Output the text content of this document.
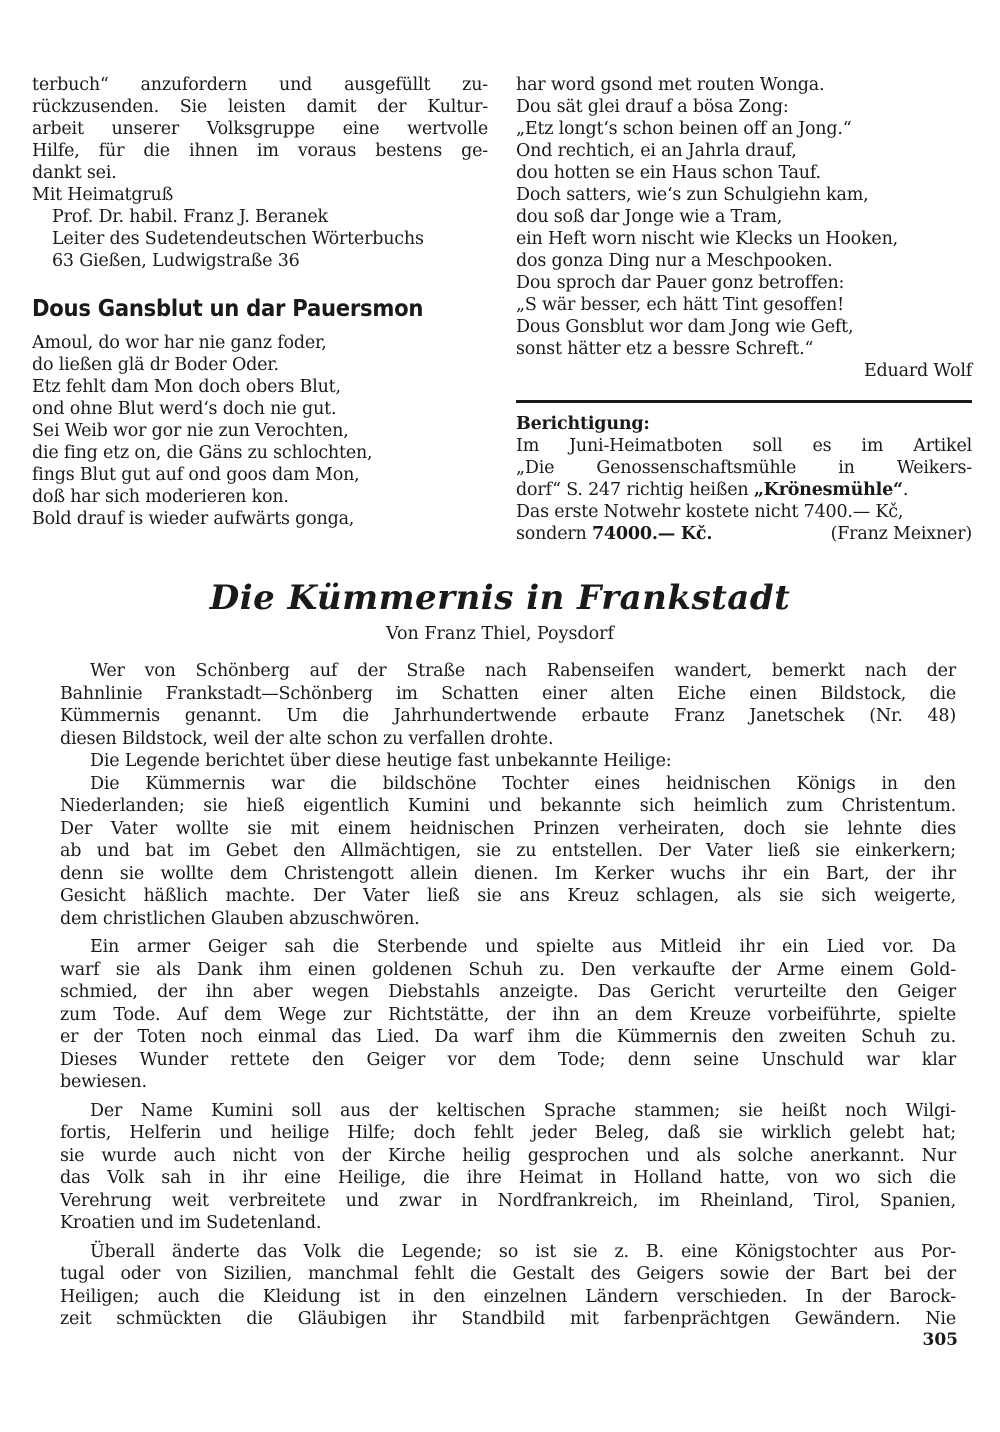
terbuch“ anzufordern und ausgefüllt zu-
rückzusenden. Sie leisten damit der Kultur-
arbeit unserer Volksgruppe eine wertvolle
Hilfe, für die ihnen im voraus bestens ge-
dankt sei.
Mit Heimatgruß
Prof. Dr. habil. Franz J. Beranek
Leiter des Sudetendeutschen Wörterbuchs
63 Gießen, Ludwigstraße 36
Dous Gansblut un dar Pauersmon
Amoul, do wor har nie ganz foder,
do ließen glä dr Boder Oder.
Etz fehlt dam Mon doch obers Blut,
ond ohne Blut werd‘s doch nie gut.
Sei Weib wor gor nie zun Verochten,
die fing etz on, die Gäns zu schlochten,
fings Blut gut auf ond goos dam Mon,
doß har sich moderieren kon.
Bold drauf is wieder aufwärts gonga,
har word gsond met routen Wonga.
Dou sät glei drauf a bösa Zong:
„Etz longt‘s schon beinen off an Jong.“
Ond rechtich, ei an Jahrla drauf,
dou hotten se ein Haus schon Tauf.
Doch satters, wie‘s zun Schulgiehn kam,
dou soß dar Jonge wie a Tram,
ein Heft worn nischt wie Klecks un Hooken,
dos gonza Ding nur a Meschpooken.
Dou sproch dar Pauer gonz betroffen:
„S wär besser, ech hätt Tint gesoffen!
Dous Gonsblut wor dam Jong wie Geft,
sonst hätter etz a bessre Schreft.“
Eduard Wolf
Berichtigung:
Im Juni-Heimatboten soll es im Artikel
„Die Genossenschaftsmühle in Weikers-
dorf“ S. 247 richtig heißen „Krönesmühle“.
Das erste Notwehr kostete nicht 7400.— Kč,
sondern 74000.— Kč.	(Franz Meixner)
Die Kümmernis in Frankstadt
Von Franz Thiel, Poysdorf
Wer von Schönberg auf der Straße nach Rabenseifen wandert, bemerkt nach der
Bahnlinie Frankstadt—Schönberg im Schatten einer alten Eiche einen Bildstock, die
Kümmernis genannt. Um die Jahrhundertwende erbaute Franz Janetschek (Nr. 48)
diesen Bildstock, weil der alte schon zu verfallen drohte.
Die Legende berichtet über diese heutige fast unbekannte Heilige:
Die Kümmernis war die bildschöne Tochter eines heidnischen Königs in den
Niederlanden; sie hieß eigentlich Kumini und bekannte sich heimlich zum Christentum.
Der Vater wollte sie mit einem heidnischen Prinzen verheiraten, doch sie lehnte dies
ab und bat im Gebet den Allmächtigen, sie zu entstellen. Der Vater ließ sie einkerkern;
denn sie wollte dem Christengott allein dienen. Im Kerker wuchs ihr ein Bart, der ihr
Gesicht häßlich machte. Der Vater ließ sie ans Kreuz schlagen, als sie sich weigerte,
dem christlichen Glauben abzuschwören.
Ein armer Geiger sah die Sterbende und spielte aus Mitleid ihr ein Lied vor. Da
warf sie als Dank ihm einen goldenen Schuh zu. Den verkaufte der Arme einem Gold-
schmied, der ihn aber wegen Diebstahls anzeigte. Das Gericht verurteilte den Geiger
zum Tode. Auf dem Wege zur Richtstätte, der ihn an dem Kreuze vorbeiführte, spielte
er der Toten noch einmal das Lied. Da warf ihm die Kümmernis den zweiten Schuh zu.
Dieses Wunder rettete den Geiger vor dem Tode; denn seine Unschuld war klar
bewiesen.
Der Name Kumini soll aus der keltischen Sprache stammen; sie heißt noch Wilgi-
fortis, Helferin und heilige Hilfe; doch fehlt jeder Beleg, daß sie wirklich gelebt hat;
sie wurde auch nicht von der Kirche heilig gesprochen und als solche anerkannt. Nur
das Volk sah in ihr eine Heilige, die ihre Heimat in Holland hatte, von wo sich die
Verehrung weit verbreitete und zwar in Nordfrankreich, im Rheinland, Tirol, Spanien,
Kroatien und im Sudetenland.
Überall änderte das Volk die Legende; so ist sie z. B. eine Königstochter aus Por-
tugal oder von Sizilien, manchmal fehlt die Gestalt des Geigers sowie der Bart bei der
Heiligen; auch die Kleidung ist in den einzelnen Ländern verschieden. In der Barock-
zeit schmückten die Gläubigen ihr Standbild mit farbenprächtgen Gewändern. Nie
305
